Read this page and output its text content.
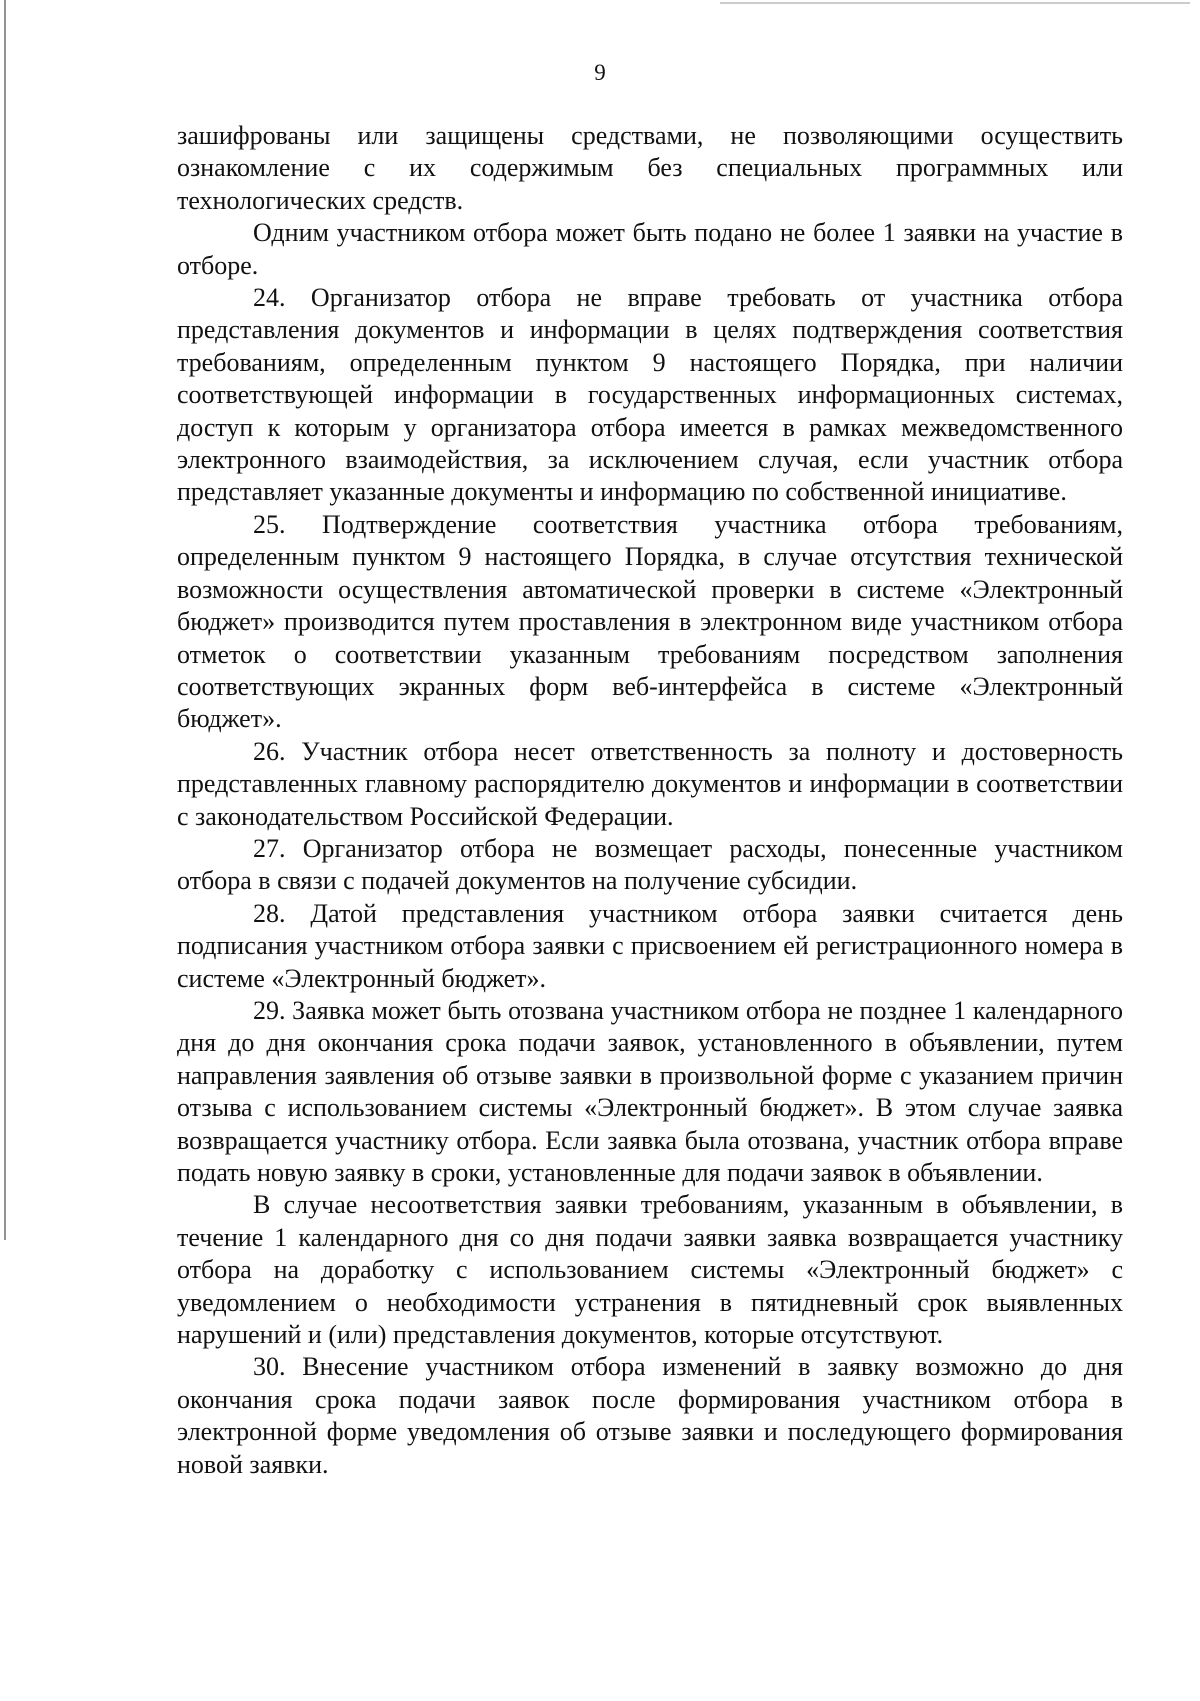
9

зашифрованы или защищены средствами, не позволяющими осуществить ознакомление с их содержимым без специальных программных или технологических средств.

Одним участником отбора может быть подано не более 1 заявки на участие в отборе.

24. Организатор отбора не вправе требовать от участника отбора представления документов и информации в целях подтверждения соответствия требованиям, определенным пунктом 9 настоящего Порядка, при наличии соответствующей информации в государственных информационных системах, доступ к которым у организатора отбора имеется в рамках межведомственного электронного взаимодействия, за исключением случая, если участник отбора представляет указанные документы и информацию по собственной инициативе.

25. Подтверждение соответствия участника отбора требованиям, определенным пунктом 9 настоящего Порядка, в случае отсутствия технической возможности осуществления автоматической проверки в системе «Электронный бюджет» производится путем проставления в электронном виде участником отбора отметок о соответствии указанным требованиям посредством заполнения соответствующих экранных форм веб-интерфейса в системе «Электронный бюджет».

26. Участник отбора несет ответственность за полноту и достоверность представленных главному распорядителю документов и информации в соответствии с законодательством Российской Федерации.

27. Организатор отбора не возмещает расходы, понесенные участником отбора в связи с подачей документов на получение субсидии.

28. Датой представления участником отбора заявки считается день подписания участником отбора заявки с присвоением ей регистрационного номера в системе «Электронный бюджет».

29. Заявка может быть отозвана участником отбора не позднее 1 календарного дня до дня окончания срока подачи заявок, установленного в объявлении, путем направления заявления об отзыве заявки в произвольной форме с указанием причин отзыва с использованием системы «Электронный бюджет». В этом случае заявка возвращается участнику отбора. Если заявка была отозвана, участник отбора вправе подать новую заявку в сроки, установленные для подачи заявок в объявлении.

В случае несоответствия заявки требованиям, указанным в объявлении, в течение 1 календарного дня со дня подачи заявки заявка возвращается участнику отбора на доработку с использованием системы «Электронный бюджет» с уведомлением о необходимости устранения в пятидневный срок выявленных нарушений и (или) представления документов, которые отсутствуют.

30. Внесение участником отбора изменений в заявку возможно до дня окончания срока подачи заявок после формирования участником отбора в электронной форме уведомления об отзыве заявки и последующего формирования новой заявки.
